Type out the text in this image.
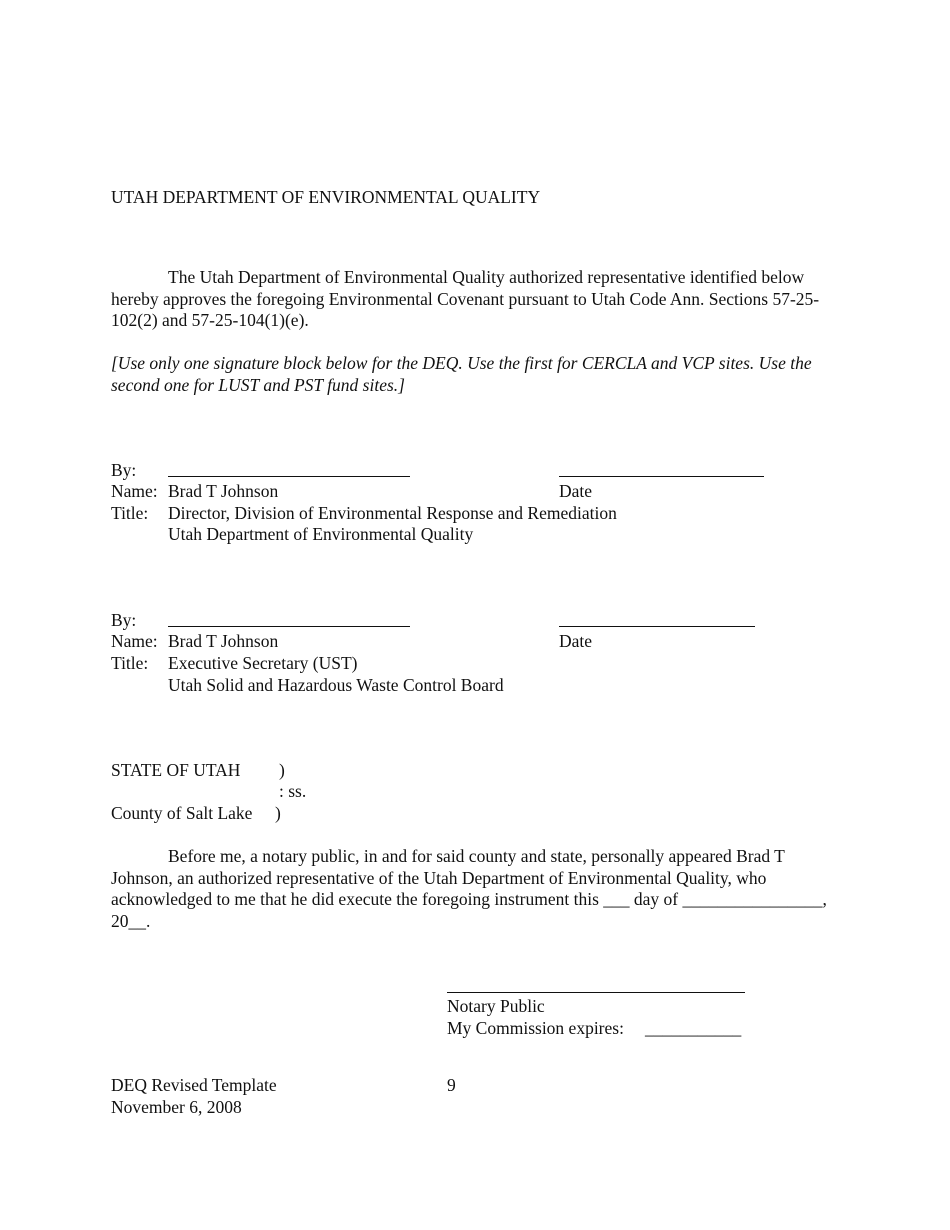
UTAH DEPARTMENT OF ENVIRONMENTAL QUALITY
The Utah Department of Environmental Quality authorized representative identified below hereby approves the foregoing Environmental Covenant pursuant to Utah Code Ann. Sections 57-25-102(2) and 57-25-104(1)(e).
[Use only one signature block below for the DEQ. Use the first for CERCLA and VCP sites. Use the second one for LUST and PST fund sites.]
By:
Name: Brad T Johnson	Date
Title: Director, Division of Environmental Response and Remediation
Utah Department of Environmental Quality
By:
Name: Brad T Johnson	Date
Title: Executive Secretary (UST)
Utah Solid and Hazardous Waste Control Board
STATE OF UTAH )
: ss.
County of Salt Lake )
Before me, a notary public, in and for said county and state, personally appeared Brad T Johnson, an authorized representative of the Utah Department of Environmental Quality, who acknowledged to me that he did execute the foregoing instrument this ___ day of ________________, 20__.
Notary Public
My Commission expires: ___________
DEQ Revised Template	9
November 6, 2008
